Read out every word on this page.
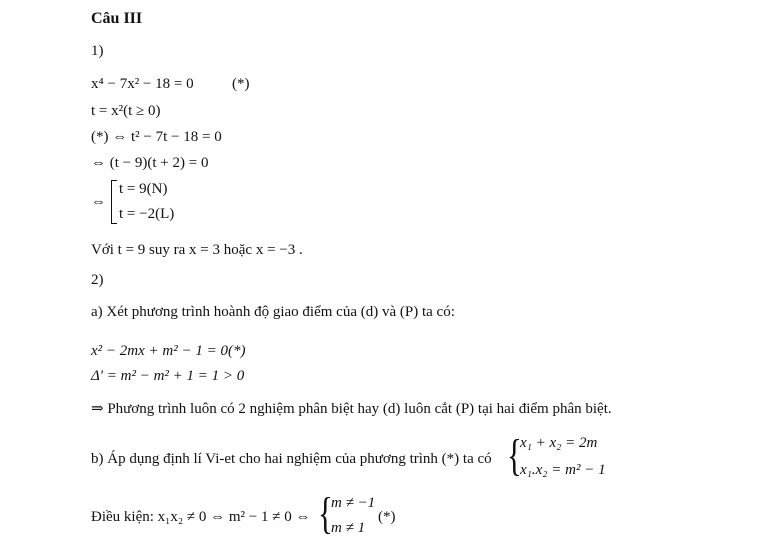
Câu III
1)
x⁴ − 7x² − 18 = 0	(*)
t = x²(t ≥ 0)
(*) ⇔ t² − 7t − 18 = 0
⇔ (t − 9)(t + 2) = 0
⇔
t = 9(N)
t = −2(L)
Với t = 9 suy ra x = 3 hoặc x = −3 .
2)
a) Xét phương trình hoành độ giao điểm của (d) và (P) ta có:
x² − 2mx + m² − 1 = 0(*)
Δ' = m² − m² + 1 = 1 > 0
⇒ Phương trình luôn có 2 nghiệm phân biệt hay (d) luôn cắt (P) tại hai điểm phân biệt.
b) Áp dụng định lí Vi-et cho hai nghiệm của phương trình (*) ta có {
x₁ + x₂ = 2m
x₁.x₂ = m² − 1
Điều kiện: x₁x₂ ≠ 0 ⇔ m² − 1 ≠ 0 ⇔ {
m ≠ −1
m ≠ 1
(*)
